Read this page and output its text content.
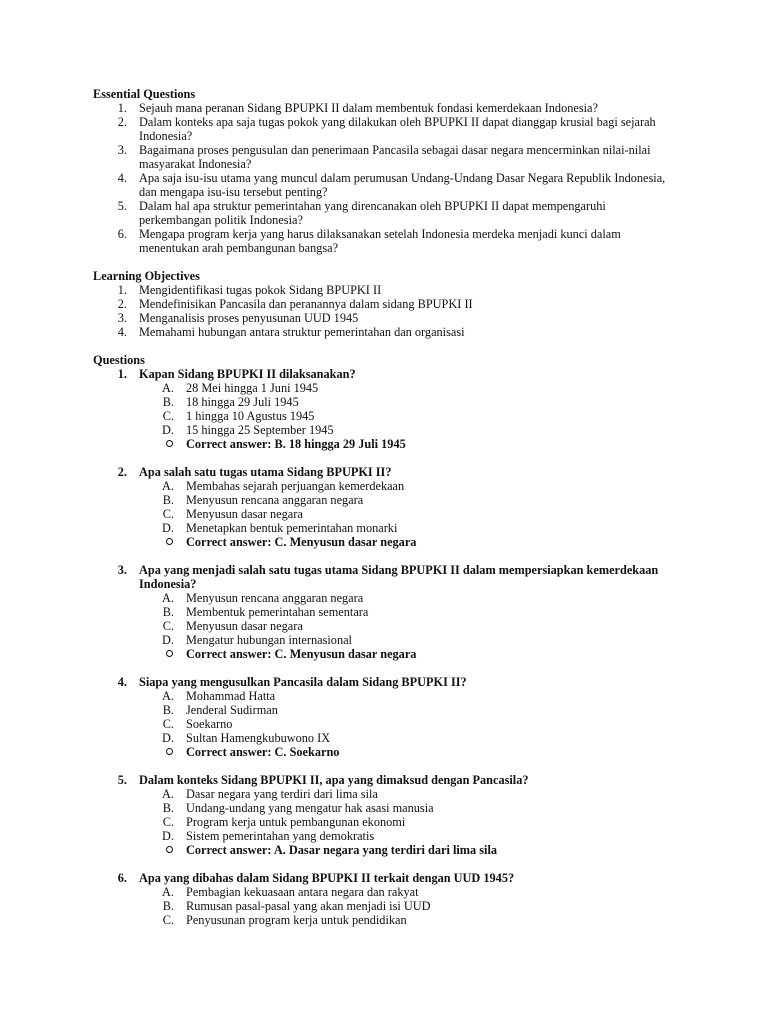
Essential Questions

1. Sejauh mana peranan Sidang BPUPKI II dalam membentuk fondasi kemerdekaan Indonesia?
2. Dalam konteks apa saja tugas pokok yang dilakukan oleh BPUPKI II dapat dianggap krusial bagi sejarah Indonesia?
3. Bagaimana proses pengusulan dan penerimaan Pancasila sebagai dasar negara mencerminkan nilai-nilai masyarakat Indonesia?
4. Apa saja isu-isu utama yang muncul dalam perumusan Undang-Undang Dasar Negara Republik Indonesia, dan mengapa isu-isu tersebut penting?
5. Dalam hal apa struktur pemerintahan yang direncanakan oleh BPUPKI II dapat mempengaruhi perkembangan politik Indonesia?
6. Mengapa program kerja yang harus dilaksanakan setelah Indonesia merdeka menjadi kunci dalam menentukan arah pembangunan bangsa?

Learning Objectives

1. Mengidentifikasi tugas pokok Sidang BPUPKI II
2. Mendefinisikan Pancasila dan peranannya dalam sidang BPUPKI II
3. Menganalisis proses penyusunan UUD 1945
4. Memahami hubungan antara struktur pemerintahan dan organisasi

Questions

1. Kapan Sidang BPUPKI II dilaksanakan?
A. 28 Mei hingga 1 Juni 1945
B. 18 hingga 29 Juli 1945
C. 1 hingga 10 Agustus 1945
D. 15 hingga 25 September 1945
Correct answer: B. 18 hingga 29 Juli 1945
2. Apa salah satu tugas utama Sidang BPUPKI II?
A. Membahas sejarah perjuangan kemerdekaan
B. Menyusun rencana anggaran negara
C. Menyusun dasar negara
D. Menetapkan bentuk pemerintahan monarki
Correct answer: C. Menyusun dasar negara
3. Apa yang menjadi salah satu tugas utama Sidang BPUPKI II dalam mempersiapkan kemerdekaan Indonesia?
A. Menyusun rencana anggaran negara
B. Membentuk pemerintahan sementara
C. Menyusun dasar negara
D. Mengatur hubungan internasional
Correct answer: C. Menyusun dasar negara
4. Siapa yang mengusulkan Pancasila dalam Sidang BPUPKI II?
A. Mohammad Hatta
B. Jenderal Sudirman
C. Soekarno
D. Sultan Hamengkubuwono IX
Correct answer: C. Soekarno
5. Dalam konteks Sidang BPUPKI II, apa yang dimaksud dengan Pancasila?
A. Dasar negara yang terdiri dari lima sila
B. Undang-undang yang mengatur hak asasi manusia
C. Program kerja untuk pembangunan ekonomi
D. Sistem pemerintahan yang demokratis
Correct answer: A. Dasar negara yang terdiri dari lima sila
6. Apa yang dibahas dalam Sidang BPUPKI II terkait dengan UUD 1945?
A. Pembagian kekuasaan antara negara dan rakyat
B. Rumusan pasal-pasal yang akan menjadi isi UUD
C. Penyusunan program kerja untuk pendidikan
